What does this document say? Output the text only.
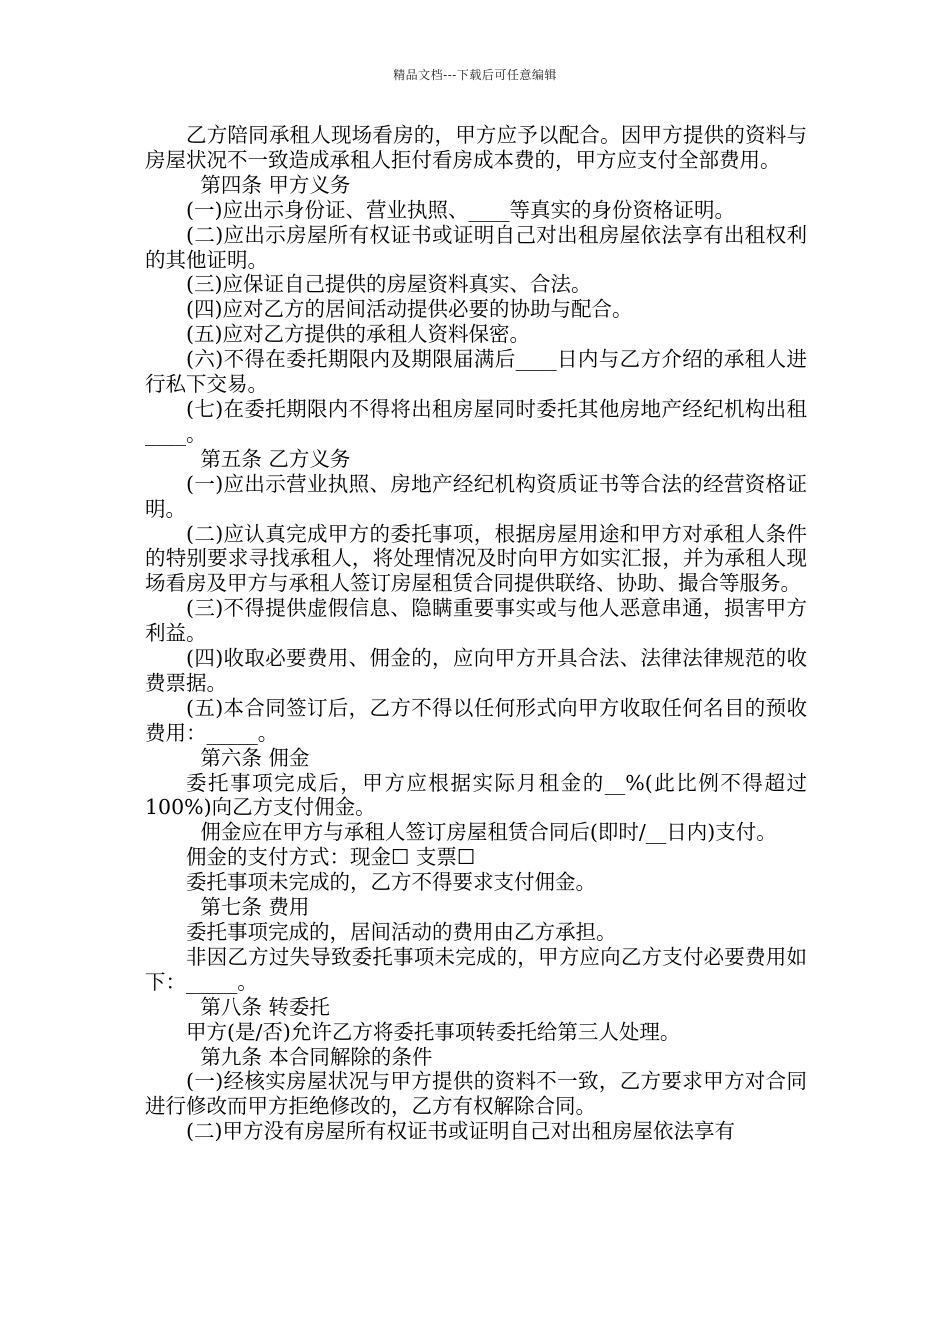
精品文档---下载后可任意编辑

乙方陪同承租人现场看房的，甲方应予以配合。因甲方提供的资料与房屋状况不一致造成承租人拒付看房成本费的，甲方应支付全部费用。

第四条 甲方义务

(一)应出示身份证、营业执照、____等真实的身份资格证明。

(二)应出示房屋所有权证书或证明自己对出租房屋依法享有出租权利的其他证明。

(三)应保证自己提供的房屋资料真实、合法。

(四)应对乙方的居间活动提供必要的协助与配合。

(五)应对乙方提供的承租人资料保密。

(六)不得在委托期限内及期限届满后____日内与乙方介绍的承租人进行私下交易。

(七)在委托期限内不得将出租房屋同时委托其他房地产经纪机构出租____。

第五条 乙方义务

(一)应出示营业执照、房地产经纪机构资质证书等合法的经营资格证明。

(二)应认真完成甲方的委托事项，根据房屋用途和甲方对承租人条件的特别要求寻找承租人，将处理情况及时向甲方如实汇报，并为承租人现场看房及甲方与承租人签订房屋租赁合同提供联络、协助、撮合等服务。

(三)不得提供虚假信息、隐瞒重要事实或与他人恶意串通，损害甲方利益。

(四)收取必要费用、佣金的，应向甲方开具合法、法律法律规范的收费票据。

(五)本合同签订后，乙方不得以任何形式向甲方收取任何名目的预收费用：_____。

第六条 佣金

委托事项完成后，甲方应根据实际月租金的__%(此比例不得超过100%)向乙方支付佣金。

佣金应在甲方与承租人签订房屋租赁合同后(即时/__日内)支付。

佣金的支付方式：现金☐ 支票☐

委托事项未完成的，乙方不得要求支付佣金。

第七条 费用

委托事项完成的，居间活动的费用由乙方承担。

非因乙方过失导致委托事项未完成的，甲方应向乙方支付必要费用如下：_____。

第八条 转委托

甲方(是/否)允许乙方将委托事项转委托给第三人处理。

第九条 本合同解除的条件

(一)经核实房屋状况与甲方提供的资料不一致，乙方要求甲方对合同进行修改而甲方拒绝修改的，乙方有权解除合同。

(二)甲方没有房屋所有权证书或证明自己对出租房屋依法享有
